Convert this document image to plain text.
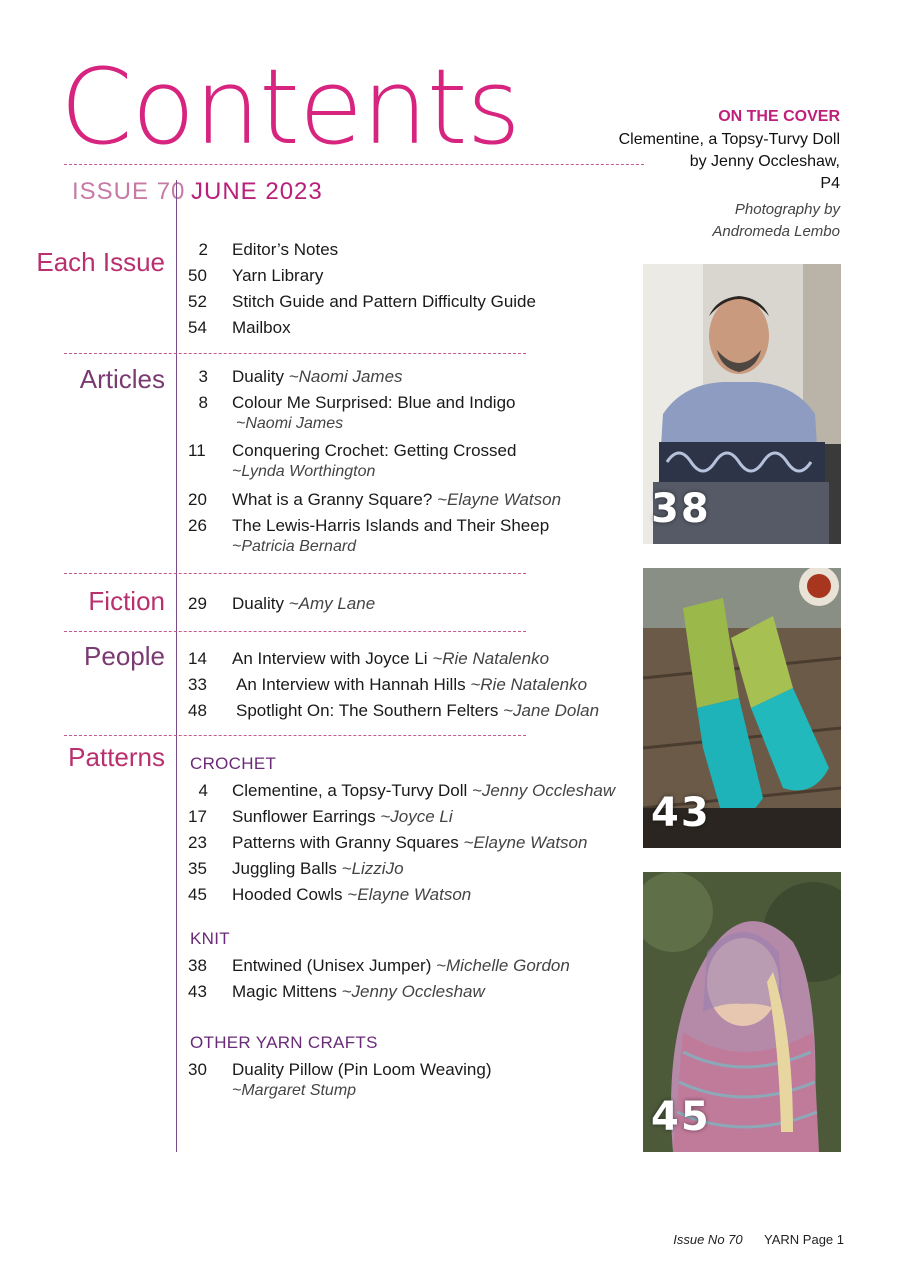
Contents
ISSUE 70 JUNE 2023
Each Issue	2 Editor’s Notes
50 Yarn Library
52 Stitch Guide and Pattern Difficulty Guide
54 Mailbox
Articles	3 Duality ~Naomi James
8 Colour Me Surprised: Blue and Indigo
~Naomi James
11 Conquering Crochet: Getting Crossed
~Lynda Worthington
20 What is a Granny Square? ~Elayne Watson
26 The Lewis-Harris Islands and Their Sheep
~Patricia Bernard
Fiction 29 Duality ~Amy Lane
People 14 An Interview with Joyce Li ~Rie Natalenko
33 An Interview with Hannah Hills ~Rie Natalenko
48 Spotlight On: The Southern Felters ~Jane Dolan
Patterns CROCHET
4 Clementine, a Topsy-Turvy Doll ~Jenny Occleshaw
17 Sunflower Earrings ~Joyce Li
23 Patterns with Granny Squares ~Elayne Watson
35 Juggling Balls ~LizziJo
45 Hooded Cowls ~Elayne Watson
KNIT
38 Entwined (Unisex Jumper) ~Michelle Gordon
43 Magic Mittens ~Jenny Occleshaw
OTHER YARN CRAFTS
30 Duality Pillow (Pin Loom Weaving)
~Margaret Stump
ON THE COVER
Clementine, a Topsy-Turvy Doll
by Jenny Occleshaw,
P4
Photography by
Andromeda Lembo
38
43
45
Issue No 70 YARN Page 1
